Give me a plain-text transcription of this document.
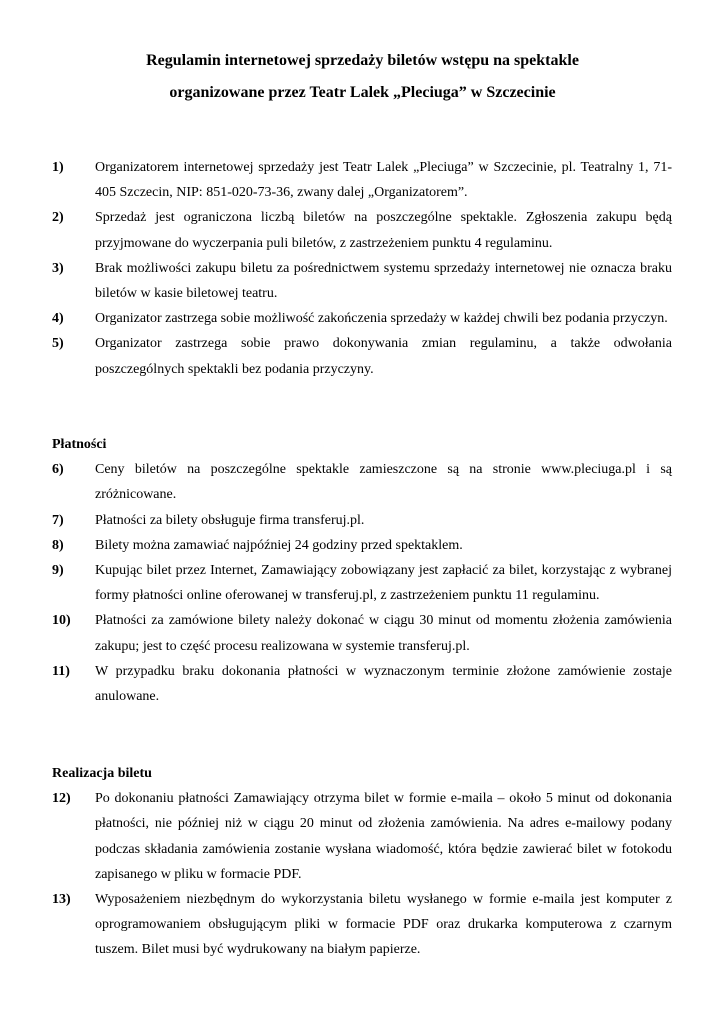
Regulamin internetowej sprzedaży biletów wstępu na spektakle
organizowane przez Teatr Lalek „Pleciuga” w Szczecinie
1)	Organizatorem internetowej sprzedaży jest Teatr Lalek „Pleciuga” w Szczecinie, pl. Teatralny 1, 71-405 Szczecin, NIP: 851-020-73-36, zwany dalej „Organizatorem”.
2)	Sprzedaż jest ograniczona liczbą biletów na poszczególne spektakle. Zgłoszenia zakupu będą przyjmowane do wyczerpania puli biletów, z zastrzeżeniem punktu 4 regulaminu.
3)	Brak możliwości zakupu biletu za pośrednictwem systemu sprzedaży internetowej nie oznacza braku biletów w kasie biletowej teatru.
4)	Organizator zastrzega sobie możliwość zakończenia sprzedaży w każdej chwili bez podania przyczyn.
5)	Organizator zastrzega sobie prawo dokonywania zmian regulaminu, a także odwołania poszczególnych spektakli bez podania przyczyny.
Płatności
6)	Ceny biletów na poszczególne spektakle zamieszczone są na stronie www.pleciuga.pl i są zróżnicowane.
7)	Płatności za bilety obsługuje firma transferuj.pl.
8)	Bilety można zamawiać najpóźniej 24 godziny przed spektaklem.
9)	Kupując bilet przez Internet, Zamawiający zobowiązany jest zapłacić za bilet, korzystając z wybranej formy płatności online oferowanej w transferuj.pl, z zastrzeżeniem punktu 11 regulaminu.
10)	Płatności za zamówione bilety należy dokonać w ciągu 30 minut od momentu złożenia zamówienia zakupu; jest to część procesu realizowana w systemie transferuj.pl.
11)	W przypadku braku dokonania płatności w wyznaczonym terminie złożone zamówienie zostaje anulowane.
Realizacja biletu
12)	Po dokonaniu płatności Zamawiający otrzyma bilet w formie e-maila – około 5 minut od dokonania płatności, nie później niż w ciągu 20 minut od złożenia zamówienia. Na adres e-mailowy podany podczas składania zamówienia zostanie wysłana wiadomość, która będzie zawierać bilet w fotokodu zapisanego w pliku w formacie PDF.
13)	Wyposażeniem niezbędnym do wykorzystania biletu wysłanego w formie e-maila jest komputer z oprogramowaniem obsługującym pliki w formacie PDF oraz drukarka komputerowa z czarnym tuszem. Bilet musi być wydrukowany na białym papierze.
